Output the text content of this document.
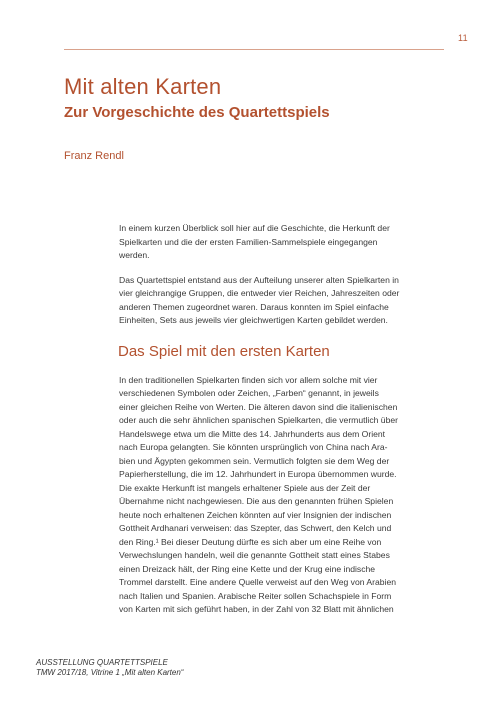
11
Mit alten Karten
Zur Vorgeschichte des Quartettspiels

Franz Rendl

In einem kurzen Überblick soll hier auf die Geschichte, die Herkunft der
Spielkarten und die der ersten Familien-Sammelspiele eingegangen
werden.

Das Quartettspiel entstand aus der Aufteilung unserer alten Spielkarten in
vier gleichrangige Gruppen, die entweder vier Reichen, Jahreszeiten oder
anderen Themen zugeordnet waren. Daraus konnten im Spiel einfache
Einheiten, Sets aus jeweils vier gleichwertigen Karten gebildet werden.

Das Spiel mit den ersten Karten

In den traditionellen Spielkarten finden sich vor allem solche mit vier
verschiedenen Symbolen oder Zeichen, „Farben“ genannt, in jeweils
einer gleichen Reihe von Werten. Die älteren davon sind die italienischen
oder auch die sehr ähnlichen spanischen Spielkarten, die vermutlich über
Handelswege etwa um die Mitte des 14. Jahrhunderts aus dem Orient
nach Europa gelangten. Sie könnten ursprünglich von China nach Ara-
bien und Ägypten gekommen sein. Vermutlich folgten sie dem Weg der
Papierherstellung, die im 12. Jahrhundert in Europa übernommen wurde.
Die exakte Herkunft ist mangels erhaltener Spiele aus der Zeit der
Übernahme nicht nachgewiesen. Die aus den genannten frühen Spielen
heute noch erhaltenen Zeichen könnten auf vier Insignien der indischen
Gottheit Ardhanari verweisen: das Szepter, das Schwert, den Kelch und
den Ring.¹ Bei dieser Deutung dürfte es sich aber um eine Reihe von
Verwechslungen handeln, weil die genannte Gottheit statt eines Stabes
einen Dreizack hält, der Ring eine Kette und der Krug eine indische
Trommel darstellt. Eine andere Quelle verweist auf den Weg von Arabien
nach Italien und Spanien. Arabische Reiter sollen Schachspiele in Form
von Karten mit sich geführt haben, in der Zahl von 32 Blatt mit ähnlichen

AUSSTELLUNG QUARTETTSPIELE
TMW 2017/18, Vitrine 1 „Mit alten Karten“
